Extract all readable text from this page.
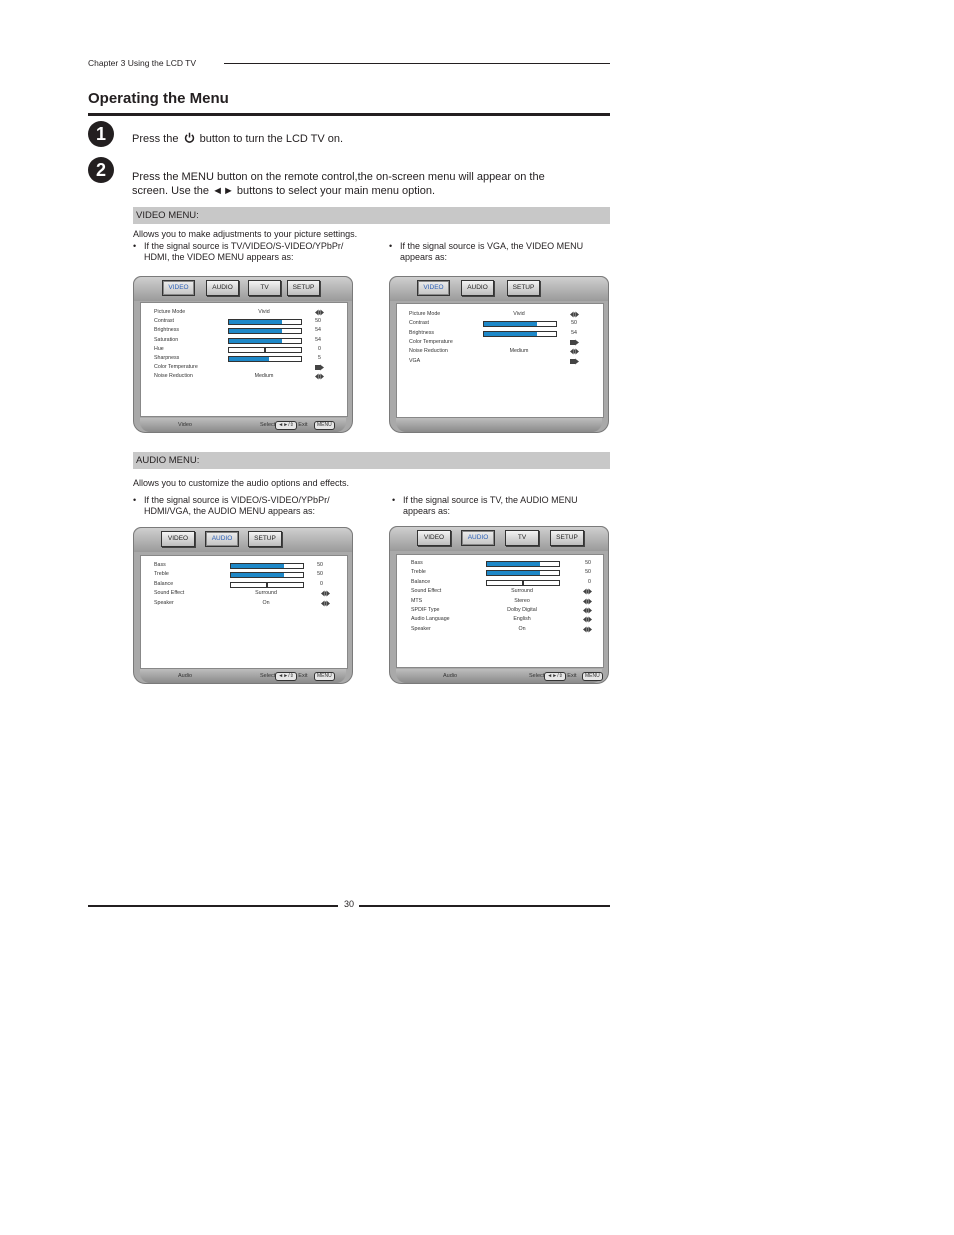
Chapter 3 Using the LCD TV
Operating the Menu
1	Press the button to turn the LCD TV on.
2	Press the MENU button on the remote control,the on-screen menu will appear on the
screen. Use the ◄► buttons to select your main menu option.
VIDEO MENU:
Allows you to make adjustments to your picture settings.
• If the signal source is TV/VIDEO/S-VIDEO/YPbPr/
HDMI, the VIDEO MENU appears as:
• If the signal source is VGA, the VIDEO MENU
appears as:
Picture Mode	Vivid
Contrast	50
Brightness	54
Saturation	54
Hue	0
Sharpness	5
Color Temperature
Noise Reduction	Medium
Video	Select ◄►/⇕ Exit	MENU
VIDEO	AUDIO	TV	SETUP
Picture Mode	Vivid
Contrast	50
Brightness	54
Color Temperature
Noise Reduction	Medium
VGA
VIDEO	AUDIO	SETUP
AUDIO MENU:
Allows you to customize the audio options and effects.
• If the signal source is VIDEO/S-VIDEO/YPbPr/
HDMI/VGA, the AUDIO MENU appears as:
• If the signal source is TV, the AUDIO MENU
appears as:
Bass	50
Treble	50
Balance	0
Sound Effect	Surround
Speaker	On
Audio	Select ◄►/⇕ Exit	MENU
VIDEO	AUDIO	SETUP
Bass	50
Treble	50
Balance	0
Sound Effect	Surround
MTS	Stereo
SPDIF Type	Dolby Digital
Audio Language	English
Speaker	On
Audio	Select ◄►/⇕ Exit	MENU
VIDEO	AUDIO	TV	SETUP
30
